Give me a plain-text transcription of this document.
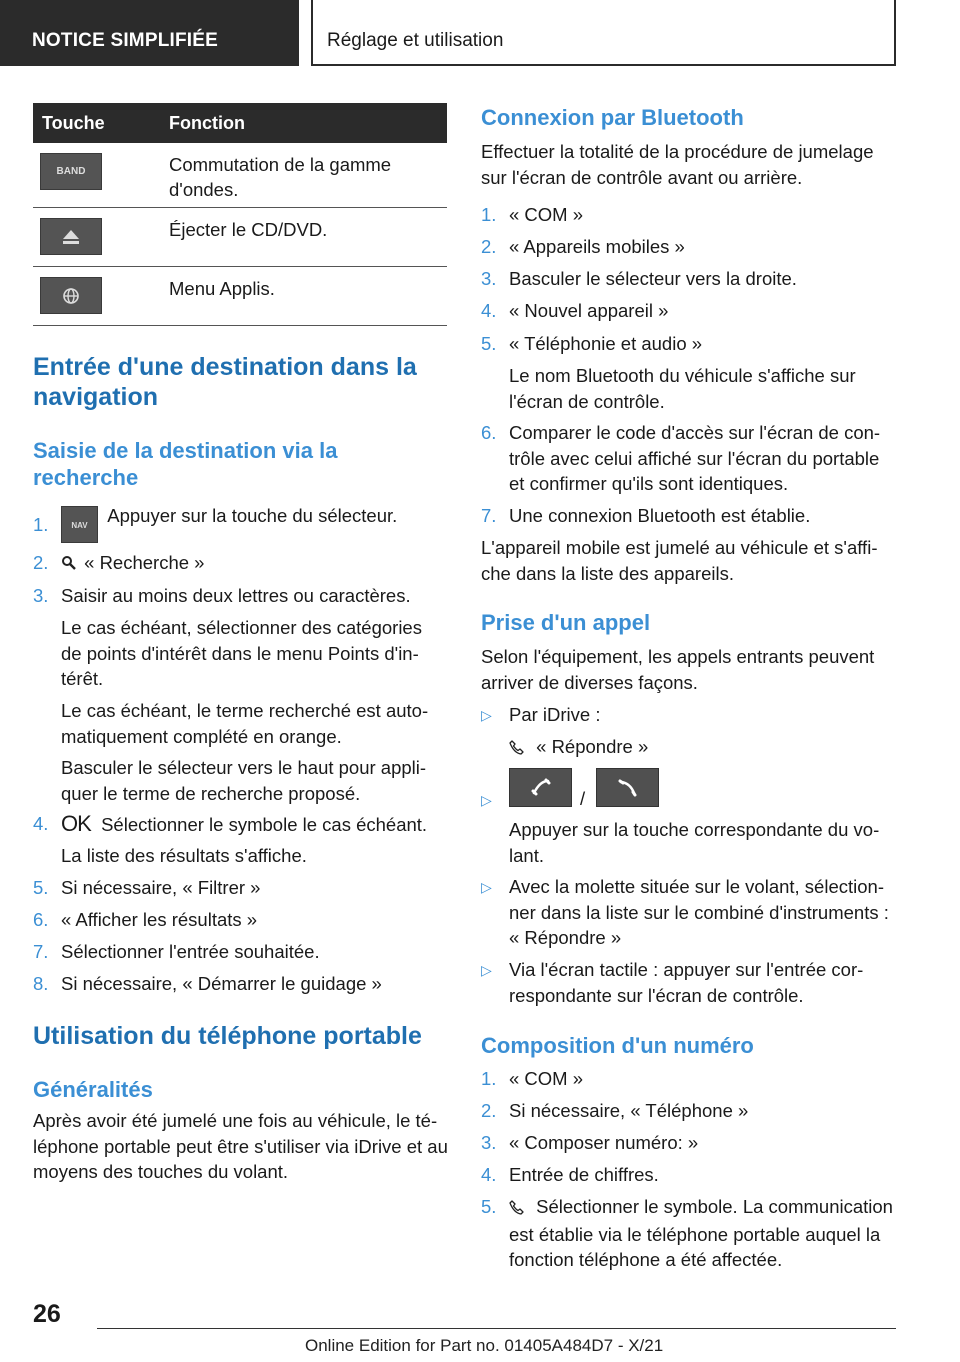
NOTICE SIMPLIFIÉE	Réglage et utilisation
Touche	Fonction
BAND	Commutation de la gamme d'ondes.
Éjecter le CD/DVD.
Menu Applis.
Entrée d'une destination dans la navigation
Saisie de la destination via la recherche
1.	NAV Appuyer sur la touche du sélecteur.
2.	« Recherche »
3. Saisir au moins deux lettres ou caractères.
Le cas échéant, sélectionner des catégories de points d'intérêt dans le menu Points d'intérêt.
Le cas échéant, le terme recherché est automatiquement complété en orange.
Basculer le sélecteur vers le haut pour appliquer le terme de recherche proposé.
4. OK Sélectionner le symbole le cas échéant.
La liste des résultats s'affiche.
5. Si nécessaire, « Filtrer »
6. « Afficher les résultats »
7. Sélectionner l'entrée souhaitée.
8. Si nécessaire, « Démarrer le guidage »
Utilisation du téléphone portable
Généralités
Après avoir été jumelé une fois au véhicule, le téléphone portable peut être s'utiliser via iDrive et au moyens des touches du volant.
Connexion par Bluetooth
Effectuer la totalité de la procédure de jumelage sur l'écran de contrôle avant ou arrière.
1. « COM »
2. « Appareils mobiles »
3. Basculer le sélecteur vers la droite.
4. « Nouvel appareil »
5. « Téléphonie et audio »
Le nom Bluetooth du véhicule s'affiche sur l'écran de contrôle.
6. Comparer le code d'accès sur l'écran de contrôle avec celui affiché sur l'écran du portable et confirmer qu'ils sont identiques.
7. Une connexion Bluetooth est établie.
L'appareil mobile est jumelé au véhicule et s'affiche dans la liste des appareils.
Prise d'un appel
Selon l'équipement, les appels entrants peuvent arriver de diverses façons.
▷ Par iDrive :
« Répondre »
▷	/
Appuyer sur la touche correspondante du volant.
▷ Avec la molette située sur le volant, sélectionner dans la liste sur le combiné d'instruments : « Répondre »
▷ Via l'écran tactile : appuyer sur l'entrée correspondante sur l'écran de contrôle.
Composition d'un numéro
1. « COM »
2. Si nécessaire, « Téléphone »
3. « Composer numéro: »
4. Entrée de chiffres.
5.	Sélectionner le symbole. La communication est établie via le téléphone portable auquel la fonction téléphone a été affectée.
26
Online Edition for Part no. 01405A484D7 - X/21
